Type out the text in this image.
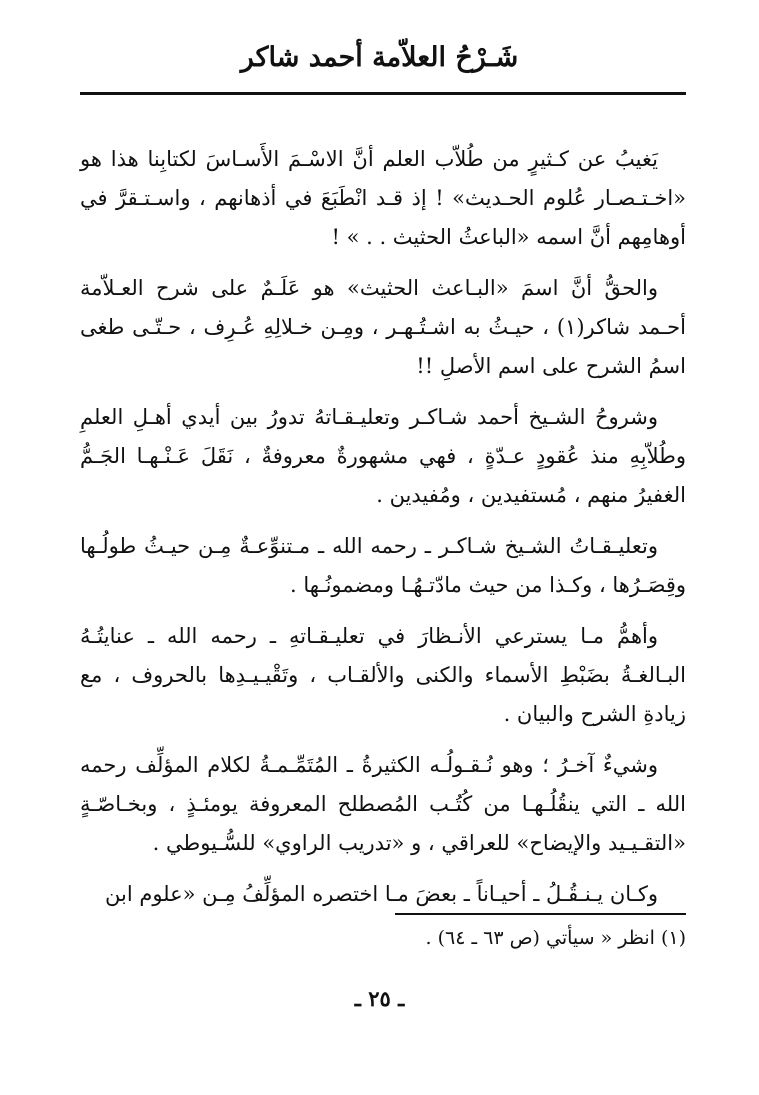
شَـرْحُ العلاّمة أحمد شاكر

يَغيبُ عن كـثيرٍ من طُلاّب العلم أنَّ الاسْـمَ الأَسـاسَ لكتابِنا هذا هو «اخـتـصـار عُلوم الحـديث» ! إذ قـد انْطَبَعَ في أذهانهم ، واسـتـقرَّ في أوهامِهم أنَّ اسمه «الباعثُ الحثيث . . » !

والحقُّ أنَّ اسمَ «البـاعث الحثيث» هو عَلَـمٌ على شرح العـلاّمة أحـمد شاكر(١) ، حيـثُ به اشـتُـهـر ، ومِـن خـلالِهِ عُـرِف ، حـتّـى طغى اسمُ الشرح على اسم الأصلِ !!

وشروحُ الشـيخ أحمد شـاكـر وتعليـقـاتهُ تدورُ بين أيدي أهـلِ العلمِ وطُلاّبِهِ منذ عُقودٍ عـدّةٍ ، فهي مشهورةٌ معروفةٌ ، نَقَلَ عَـنْـهـا الجَـمُّ الغفيرُ منهم ، مُستفيدين ، ومُفيدين .

وتعليـقـاتُ الشـيخ شـاكـر ـ رحمه الله ـ مـتنوِّعـةٌ مِـن حيـثُ طولُـها وقِصَـرُها ، وكـذا من حيث مادّتـهُـا ومضمونُـها .

وأهمُّ مـا يسترعي الأنـظارَ في تعليـقـاتهِ ـ رحمه الله ـ عنايتُـهُ البـالغـةُ بضَبْطِ الأسماء والكنى والألقـاب ، وتَقْيـيـدِها بالحروف ، مع زيادةِ الشرح والبيان .

وشيءٌ آخـرُ ؛ وهو نُـقـولُـه الكثيرةُ ـ المُتَمِّـمـةُ لكلام المؤلِّف رحمه الله ـ التي ينقُلُـهـا من كُتُـب المُصطلح المعروفة يومئـذٍ ، وبخـاصّـةٍ «التقـيـيد والإيضاح» للعراقي ، و «تدريب الراوي» للسُّـيوطي .

وكـان يـنـقُـلُ ـ أحيـاناً ـ بعضَ مـا اختصره المؤلِّفُ مِـن «علوم ابن

(١) انظر « سيأتي (ص ٦٣ ـ ٦٤) .
ـ ٢٥ ـ
